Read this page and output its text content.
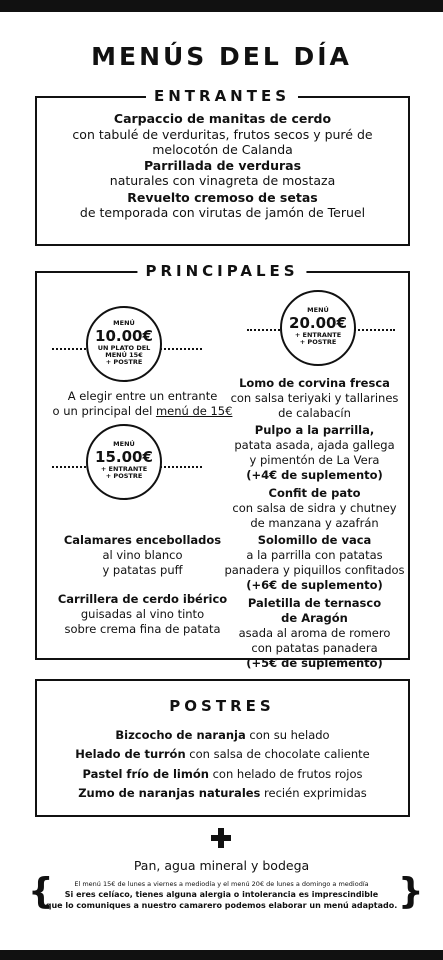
MENÚS DEL DÍA
ENTRANTES
Carpaccio de manitas de cerdo
con tabulé de verduritas, frutos secos y puré de
melocotón de Calanda
Parrillada de verduras
naturales con vinagreta de mostaza
Revuelto cremoso de setas
de temporada con virutas de jamón de Teruel
PRINCIPALES
MENÚ
10.00€
UN PLATO DEL
MENÚ 15€
+ POSTRE
A elegir entre un entrante
o un principal del menú de 15€
MENÚ
15.00€
+ ENTRANTE
+ POSTRE
MENÚ
20.00€
+ ENTRANTE
+ POSTRE
Calamares encebollados
al vino blanco
y patatas puff
Carrillera de cerdo ibérico
guisadas al vino tinto
sobre crema fina de patata
Lomo de corvina fresca
con salsa teriyaki y tallarines
de calabacín
Pulpo a la parrilla,
patata asada, ajada gallega
y pimentón de La Vera
(+4€ de suplemento)
Confit de pato
con salsa de sidra y chutney
de manzana y azafrán
Solomillo de vaca
a la parrilla con patatas
panadera y piquillos confitados
(+6€ de suplemento)
Paletilla de ternasco
de Aragón
asada al aroma de romero
con patatas panadera
(+5€ de suplemento)
POSTRES
Bizcocho de naranja con su helado
Helado de turrón con salsa de chocolate caliente
Pastel frío de limón con helado de frutos rojos
Zumo de naranjas naturales recién exprimidas
Pan, agua mineral y bodega
{	}
El menú 15€ de lunes a viernes a mediodía y el menú 20€ de lunes a domingo a mediodía
Si eres celíaco, tienes alguna alergia o intolerancia es imprescindible
que lo comuniques a nuestro camarero podemos elaborar un menú adaptado.
